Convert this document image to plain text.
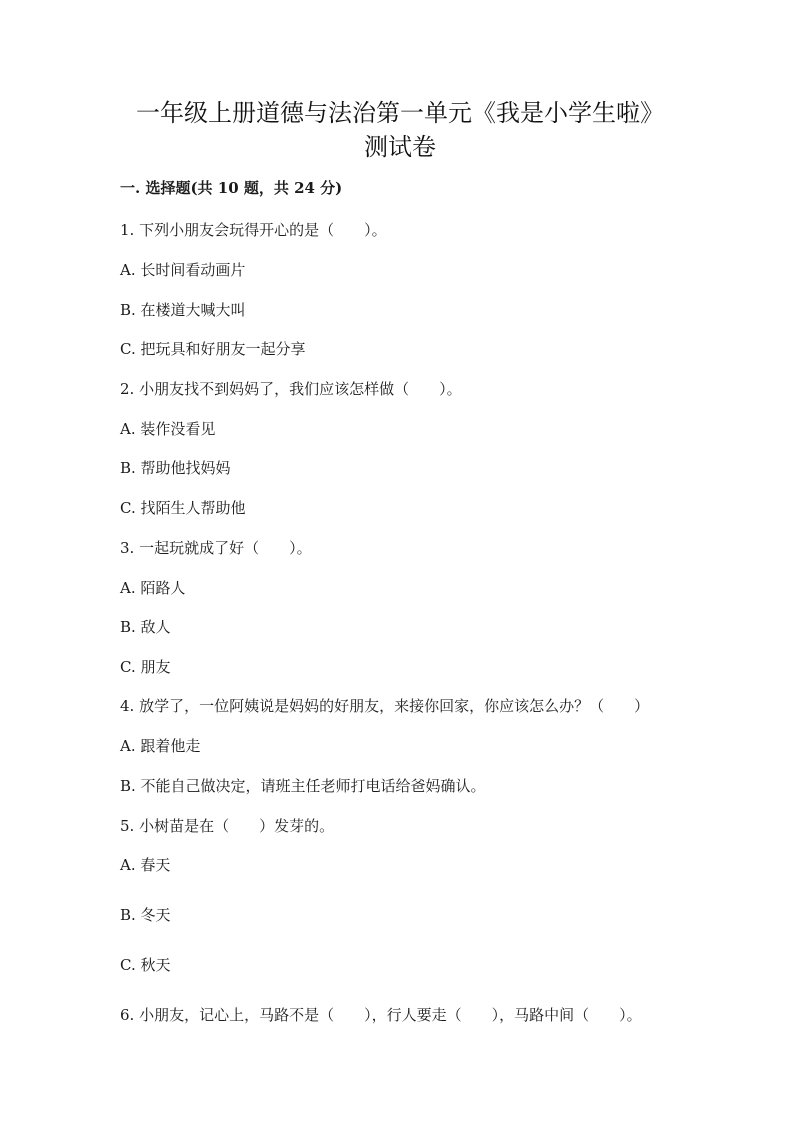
一年级上册道德与法治第一单元《我是小学生啦》
测试卷
一. 选择题(共 10 题，共 24 分)
1. 下列小朋友会玩得开心的是（　　）。
A. 长时间看动画片
B. 在楼道大喊大叫
C. 把玩具和好朋友一起分享
2. 小朋友找不到妈妈了，我们应该怎样做（　　）。
A. 装作没看见
B. 帮助他找妈妈
C. 找陌生人帮助他
3. 一起玩就成了好（　　）。
A. 陌路人
B. 敌人
C. 朋友
4. 放学了，一位阿姨说是妈妈的好朋友，来接你回家，你应该怎么办？（　　）
A. 跟着他走
B. 不能自己做决定，请班主任老师打电话给爸妈确认。
5. 小树苗是在（　　）发芽的。
A. 春天
B. 冬天
C. 秋天
6. 小朋友，记心上，马路不是（　　），行人要走（　　），马路中间（　　）。
